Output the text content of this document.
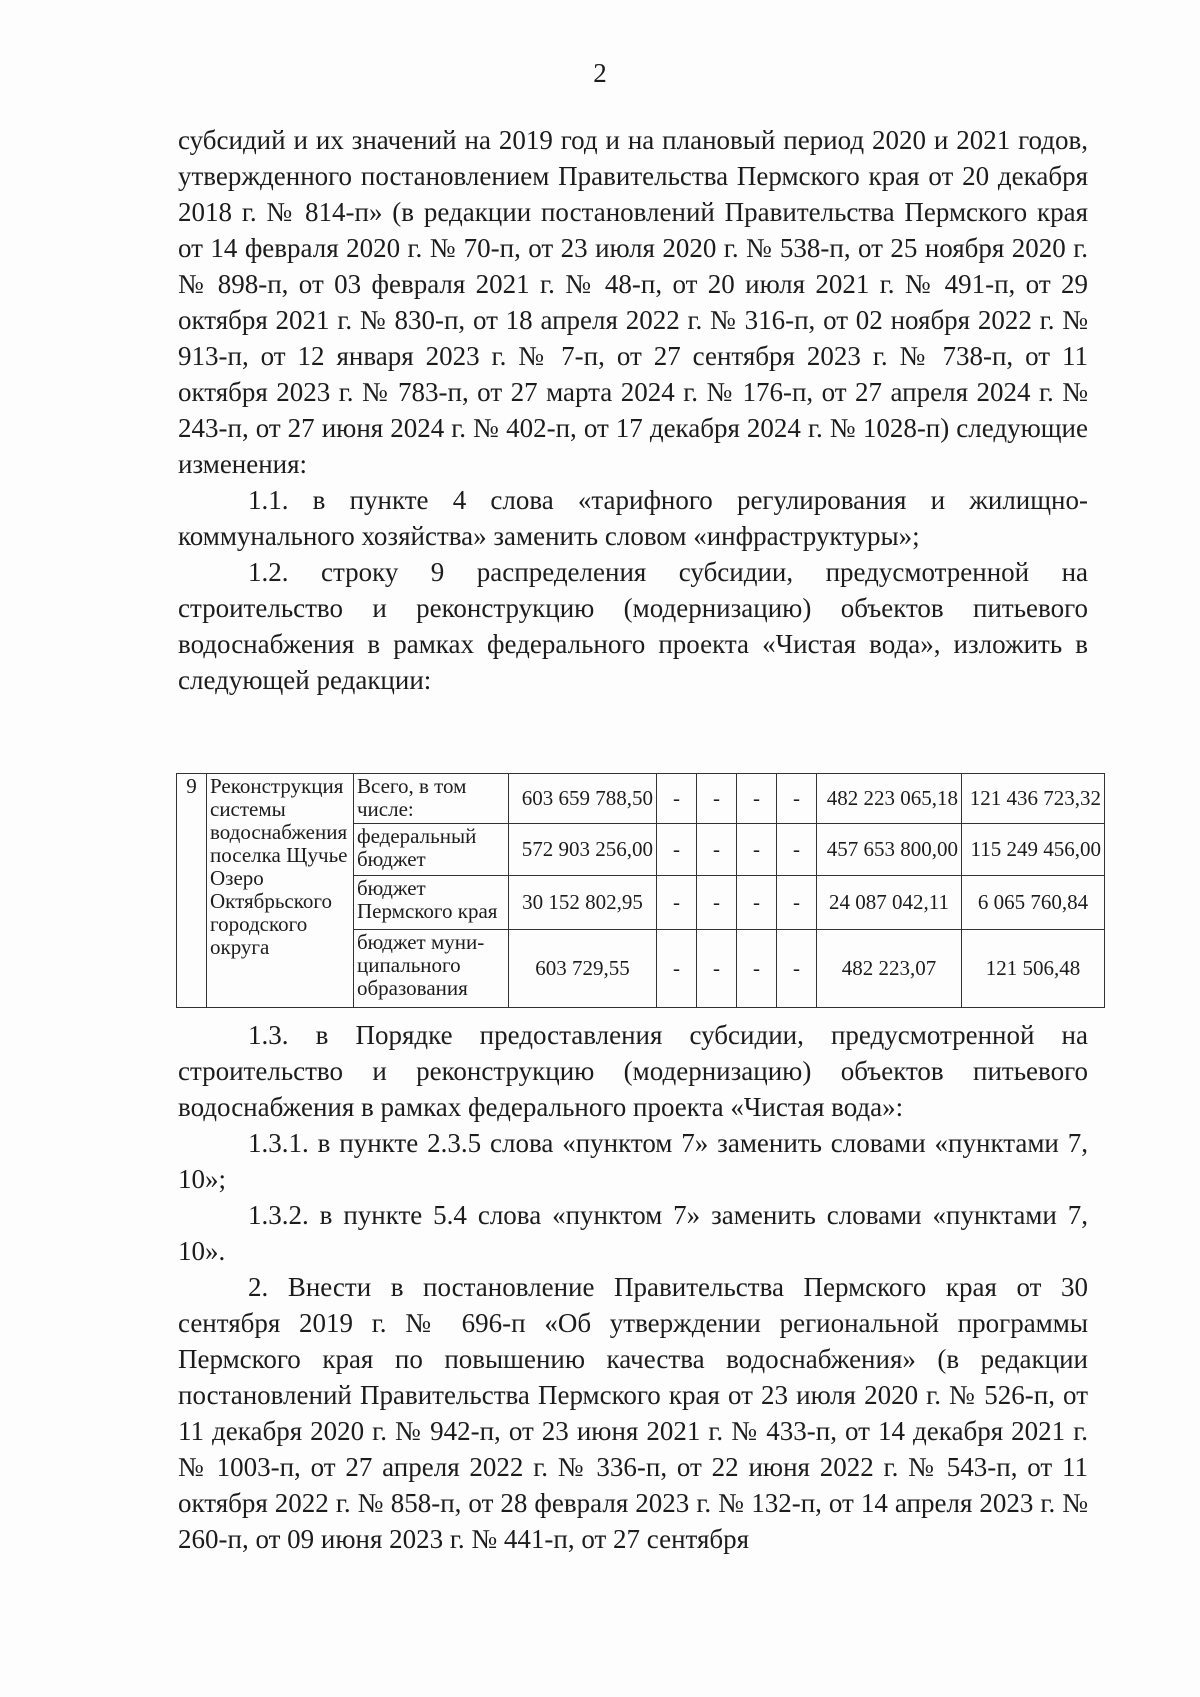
2

субсидий и их значений на 2019 год и на плановый период 2020 и 2021 годов, утвержденного постановлением Правительства Пермского края от 20 декабря 2018 г. № 814-п» (в редакции постановлений Правительства Пермского края от 14 февраля 2020 г. № 70-п, от 23 июля 2020 г. № 538-п, от 25 ноября 2020 г. № 898-п, от 03 февраля 2021 г. № 48-п, от 20 июля 2021 г. № 491-п, от 29 октября 2021 г. № 830-п, от 18 апреля 2022 г. № 316-п, от 02 ноября 2022 г. № 913-п, от 12 января 2023 г. № 7-п, от 27 сентября 2023 г. № 738-п, от 11 октября 2023 г. № 783-п, от 27 марта 2024 г. № 176-п, от 27 апреля 2024 г. № 243-п, от 27 июня 2024 г. № 402-п, от 17 декабря 2024 г. № 1028-п) следующие изменения:

1.1. в пункте 4 слова «тарифного регулирования и жилищно-коммунального хозяйства» заменить словом «инфраструктуры»;

1.2. строку 9 распределения субсидии, предусмотренной на строительство и реконструкцию (модернизацию) объектов питьевого водоснабжения в рамках федерального проекта «Чистая вода», изложить в следующей редакции:

9	Реконструкция системы водоснабжения поселка Щучье Озеро Октябрьского городского округа	Всего, в том числе:	603 659 788,50	-	-	-	-	482 223 065,18	121 436 723,32
		федеральный бюджет	572 903 256,00	-	-	-	-	457 653 800,00	115 249 456,00
		бюджет Пермского края	30 152 802,95	-	-	-	-	24 087 042,11	6 065 760,84
		бюджет муни-ципального образования	603 729,55	-	-	-	-	482 223,07	121 506,48

1.3. в Порядке предоставления субсидии, предусмотренной на строительство и реконструкцию (модернизацию) объектов питьевого водоснабжения в рамках федерального проекта «Чистая вода»:

1.3.1. в пункте 2.3.5 слова «пунктом 7» заменить словами «пунктами 7, 10»;

1.3.2. в пункте 5.4 слова «пунктом 7» заменить словами «пунктами 7, 10».

2. Внести в постановление Правительства Пермского края от 30 сентября 2019 г. № 696-п «Об утверждении региональной программы Пермского края по повышению качества водоснабжения» (в редакции постановлений Правительства Пермского края от 23 июля 2020 г. № 526-п, от 11 декабря 2020 г. № 942-п, от 23 июня 2021 г. № 433-п, от 14 декабря 2021 г. № 1003-п, от 27 апреля 2022 г. № 336-п, от 22 июня 2022 г. № 543-п, от 11 октября 2022 г. № 858-п, от 28 февраля 2023 г. № 132-п, от 14 апреля 2023 г. № 260-п, от 09 июня 2023 г. № 441-п, от 27 сентября
